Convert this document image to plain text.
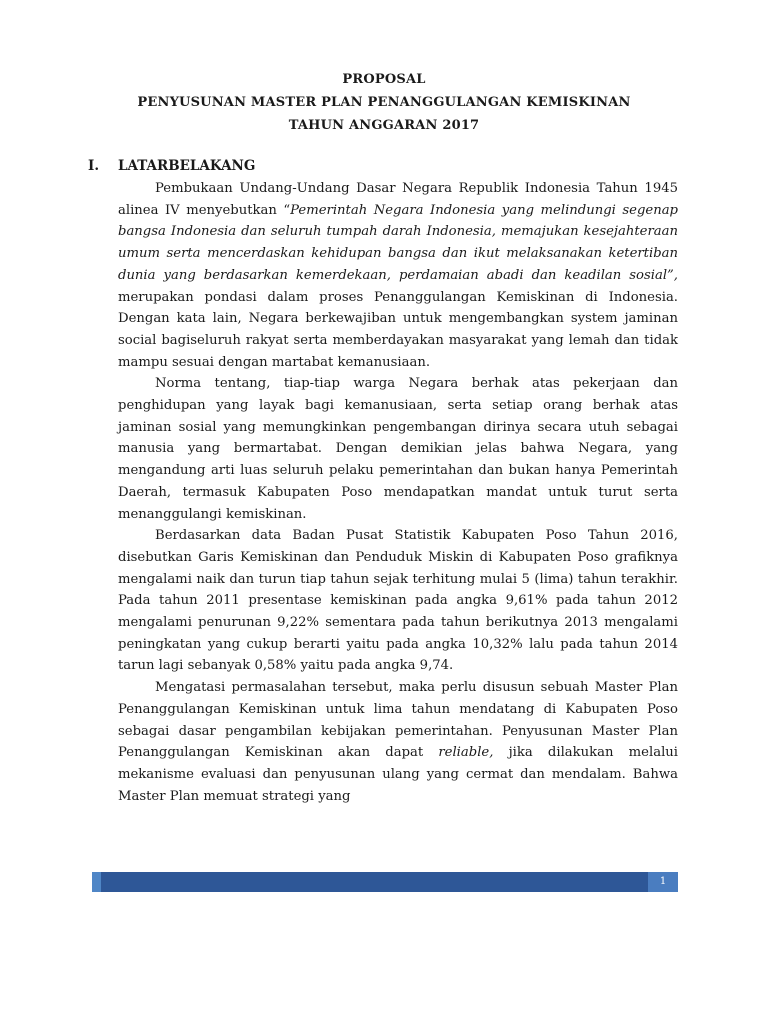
PROPOSAL

PENYUSUNAN MASTER PLAN PENANGGULANGAN KEMISKINAN

TAHUN ANGGARAN 2017

I. LATARBELAKANG

Pembukaan Undang-Undang Dasar Negara Republik Indonesia Tahun 1945 alinea IV menyebutkan “Pemerintah Negara Indonesia yang melindungi segenap bangsa Indonesia dan seluruh tumpah darah Indonesia, memajukan kesejahteraan umum serta mencerdaskan kehidupan bangsa dan ikut melaksanakan ketertiban dunia yang berdasarkan kemerdekaan, perdamaian abadi dan keadilan sosial”, merupakan pondasi dalam proses Penanggulangan Kemiskinan di Indonesia. Dengan kata lain, Negara berkewajiban untuk mengembangkan system jaminan social bagiseluruh rakyat serta memberdayakan masyarakat yang lemah dan tidak mampu sesuai dengan martabat kemanusiaan.

Norma tentang, tiap-tiap warga Negara berhak atas pekerjaan dan penghidupan yang layak bagi kemanusiaan, serta setiap orang berhak atas jaminan sosial yang memungkinkan pengembangan dirinya secara utuh sebagai manusia yang bermartabat. Dengan demikian jelas bahwa Negara, yang mengandung arti luas seluruh pelaku pemerintahan dan bukan hanya Pemerintah Daerah, termasuk Kabupaten Poso mendapatkan mandat untuk turut serta menanggulangi kemiskinan.

Berdasarkan data Badan Pusat Statistik Kabupaten Poso Tahun 2016, disebutkan Garis Kemiskinan dan Penduduk Miskin di Kabupaten Poso grafiknya mengalami naik dan turun tiap tahun sejak terhitung mulai 5 (lima) tahun terakhir. Pada tahun 2011 presentase kemiskinan pada angka 9,61% pada tahun 2012 mengalami penurunan 9,22% sementara pada tahun berikutnya 2013 mengalami peningkatan yang cukup berarti yaitu pada angka 10,32% lalu pada tahun 2014 tarun lagi sebanyak 0,58% yaitu pada angka 9,74.

Mengatasi permasalahan tersebut, maka perlu disusun sebuah Master Plan Penanggulangan Kemiskinan untuk lima tahun mendatang di Kabupaten Poso sebagai dasar pengambilan kebijakan pemerintahan. Penyusunan Master Plan Penanggulangan Kemiskinan akan dapat reliable, jika dilakukan melalui mekanisme evaluasi dan penyusunan ulang yang cermat dan mendalam. Bahwa Master Plan memuat strategi yang

1
